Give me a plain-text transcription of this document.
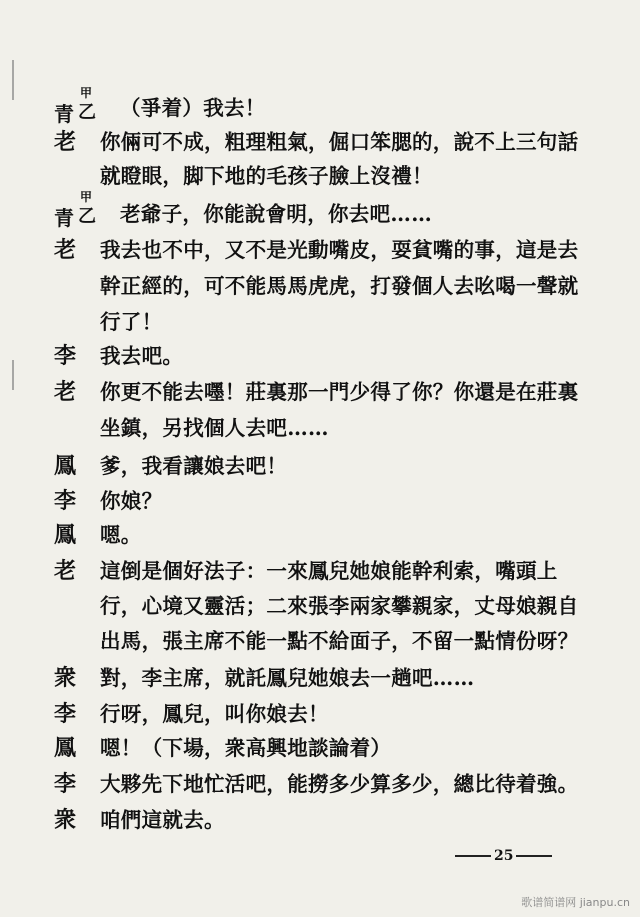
青
甲
乙 （爭着）我去！
老 你倆可不成，粗理粗氣，倔口笨腮的，說不上三句話
就瞪眼，脚下地的毛孩子臉上沒禮！
青
甲
乙 老爺子，你能說會明，你去吧……
老 我去也不中，又不是光動嘴皮，耍貧嘴的事，這是去
幹正經的，可不能馬馬虎虎，打發個人去吆喝一聲就
行了！
李 我去吧。
老 你更不能去嚜！莊裏那一門少得了你？你還是在莊裏
坐鎮，另找個人去吧……
鳳 爹，我看讓娘去吧！
李 你娘？
鳳 嗯。
老 這倒是個好法子：一來鳳兒她娘能幹利索，嘴頭上
行，心境又靈活；二來張李兩家攀親家，丈母娘親自
出馬，張主席不能一點不給面子，不留一點情份呀？
衆 對，李主席，就託鳳兒她娘去一趟吧……
李 行呀，鳳兒，叫你娘去！
鳳 嗯！（下場，衆高興地談論着）
李 大夥先下地忙活吧，能撈多少算多少，總比待着強。
衆 咱們這就去。
25
歌谱简谱网 jianpu.cn
